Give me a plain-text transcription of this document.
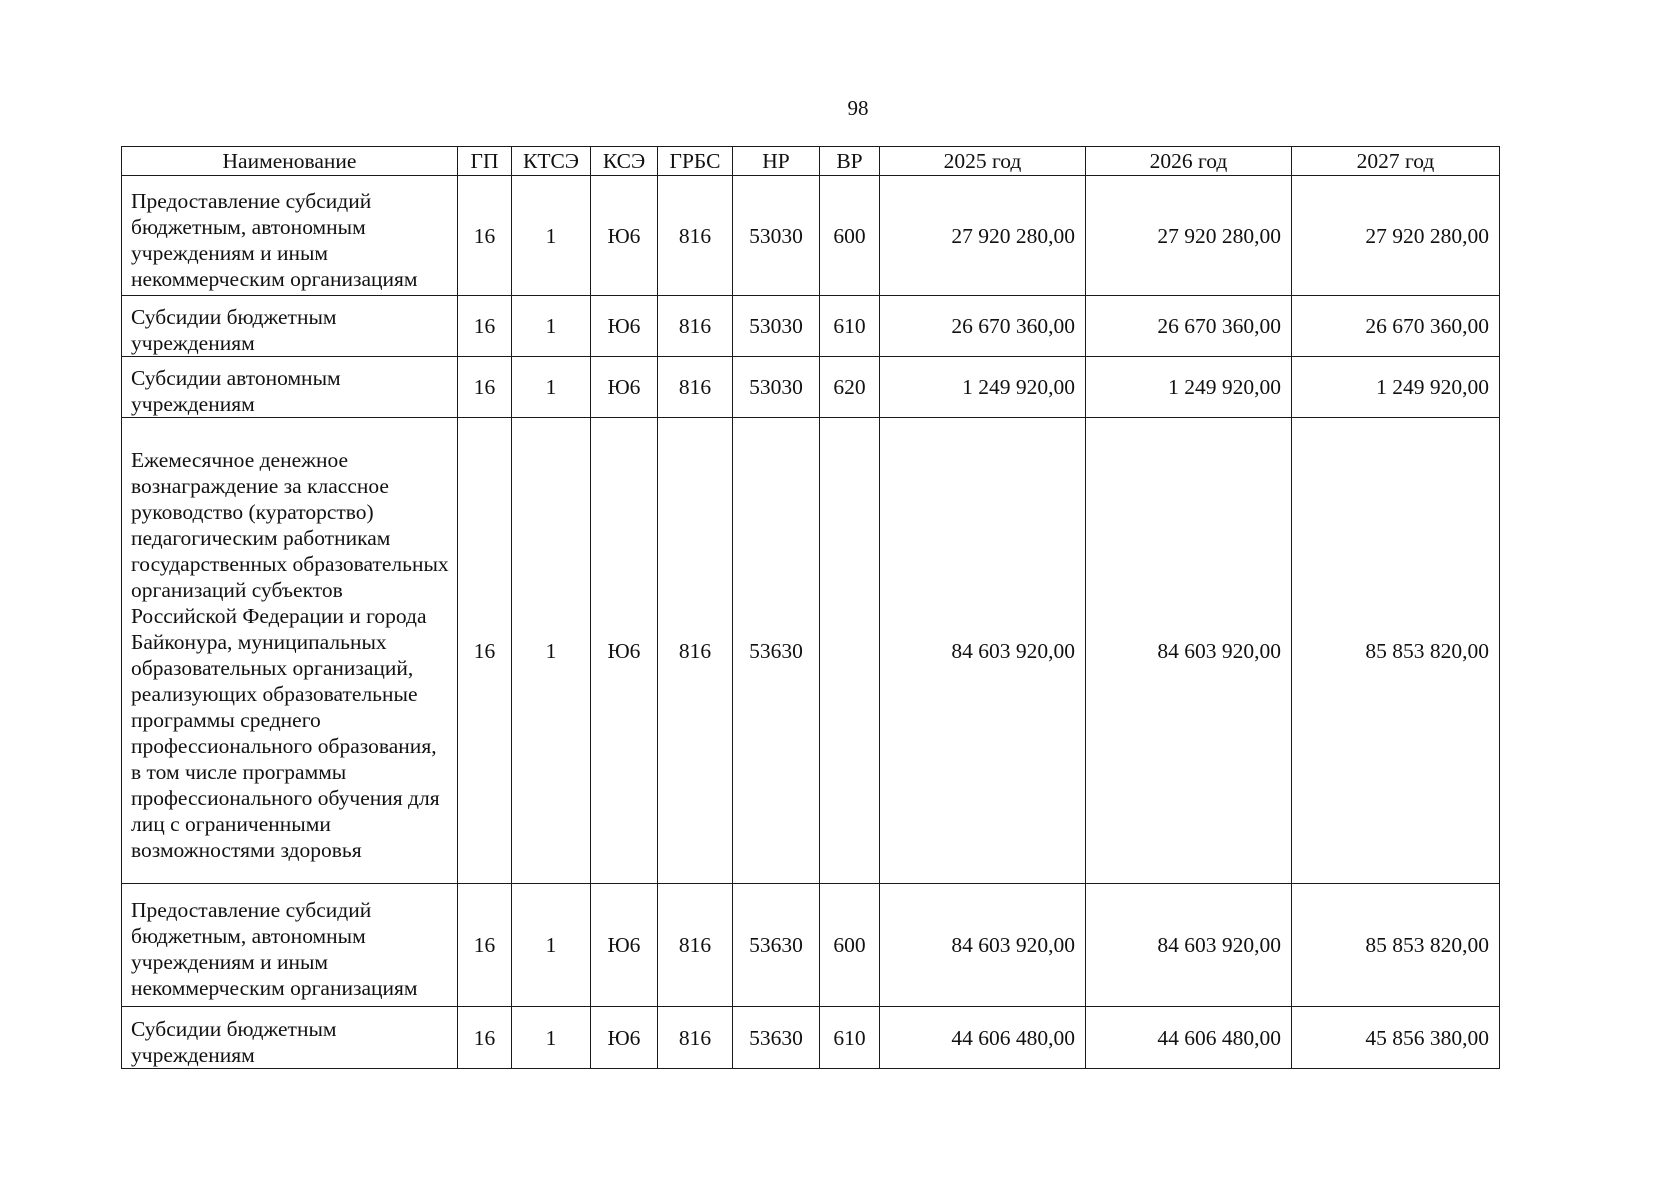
98
Наименование	ГП	КТСЭ	КСЭ	ГРБС	НР	ВР	2025 год	2026 год	2027 год
Предоставление субсидий бюджетным, автономным учреждениям и иным некоммерческим организациям	16	1	Ю6	816	53030	600	27 920 280,00	27 920 280,00	27 920 280,00
Субсидии бюджетным учреждениям	16	1	Ю6	816	53030	610	26 670 360,00	26 670 360,00	26 670 360,00
Субсидии автономным учреждениям	16	1	Ю6	816	53030	620	1 249 920,00	1 249 920,00	1 249 920,00
Ежемесячное денежное вознаграждение за классное руководство (кураторство) педагогическим работникам государственных образовательных организаций субъектов Российской Федерации и города Байконура, муниципальных образовательных организаций, реализующих образовательные программы среднего профессионального образования, в том числе программы профессионального обучения для лиц с ограниченными возможностями здоровья	16	1	Ю6	816	53630		84 603 920,00	84 603 920,00	85 853 820,00
Предоставление субсидий бюджетным, автономным учреждениям и иным некоммерческим организациям	16	1	Ю6	816	53630	600	84 603 920,00	84 603 920,00	85 853 820,00
Субсидии бюджетным учреждениям	16	1	Ю6	816	53630	610	44 606 480,00	44 606 480,00	45 856 380,00
